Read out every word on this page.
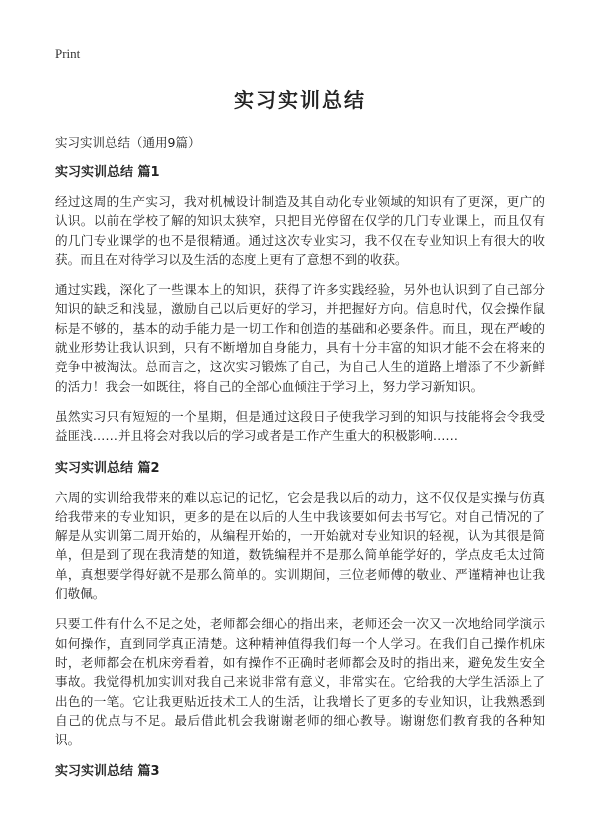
Print
实习实训总结
实习实训总结（通用9篇）
实习实训总结 篇1

经过这周的生产实习，我对机械设计制造及其自动化专业领域的知识有了更深，更广的认识。以前在学校了解的知识太狭窄，只把目光停留在仅学的几门专业课上，而且仅有的几门专业课学的也不是很精通。通过这次专业实习，我不仅在专业知识上有很大的收获。而且在对待学习以及生活的态度上更有了意想不到的收获。

通过实践，深化了一些课本上的知识，获得了许多实践经验，另外也认识到了自己部分知识的缺乏和浅显，激励自己以后更好的学习，并把握好方向。信息时代，仅会操作鼠标是不够的，基本的动手能力是一切工作和创造的基础和必要条件。而且，现在严峻的就业形势让我认识到，只有不断增加自身能力，具有十分丰富的知识才能不会在将来的竞争中被淘汰。总而言之，这次实习锻炼了自己，为自己人生的道路上增添了不少新鲜的活力！我会一如既往，将自己的全部心血倾注于学习上，努力学习新知识。

虽然实习只有短短的一个星期，但是通过这段日子使我学习到的知识与技能将会令我受益匪浅……并且将会对我以后的学习或者是工作产生重大的积极影响……

实习实训总结 篇2

六周的实训给我带来的难以忘记的记忆，它会是我以后的动力，这不仅仅是实操与仿真给我带来的专业知识，更多的是在以后的人生中我该要如何去书写它。对自己情况的了解是从实训第二周开始的，从编程开始的，一开始就对专业知识的轻视，认为其很是简单，但是到了现在我清楚的知道，数铣编程并不是那么简单能学好的，学点皮毛太过简单，真想要学得好就不是那么简单的。实训期间，三位老师傅的敬业、严谨精神也让我们敬佩。

只要工件有什么不足之处，老师都会细心的指出来，老师还会一次又一次地给同学演示如何操作，直到同学真正清楚。这种精神值得我们每一个人学习。在我们自己操作机床时，老师都会在机床旁看着，如有操作不正确时老师都会及时的指出来，避免发生安全事故。我觉得机加实训对我自己来说非常有意义，非常实在。它给我的大学生活添上了出色的一笔。它让我更贴近技术工人的生活，让我增长了更多的专业知识，让我熟悉到自己的优点与不足。最后借此机会我谢谢老师的细心教导。谢谢您们教育我的各种知识。

实习实训总结 篇3
